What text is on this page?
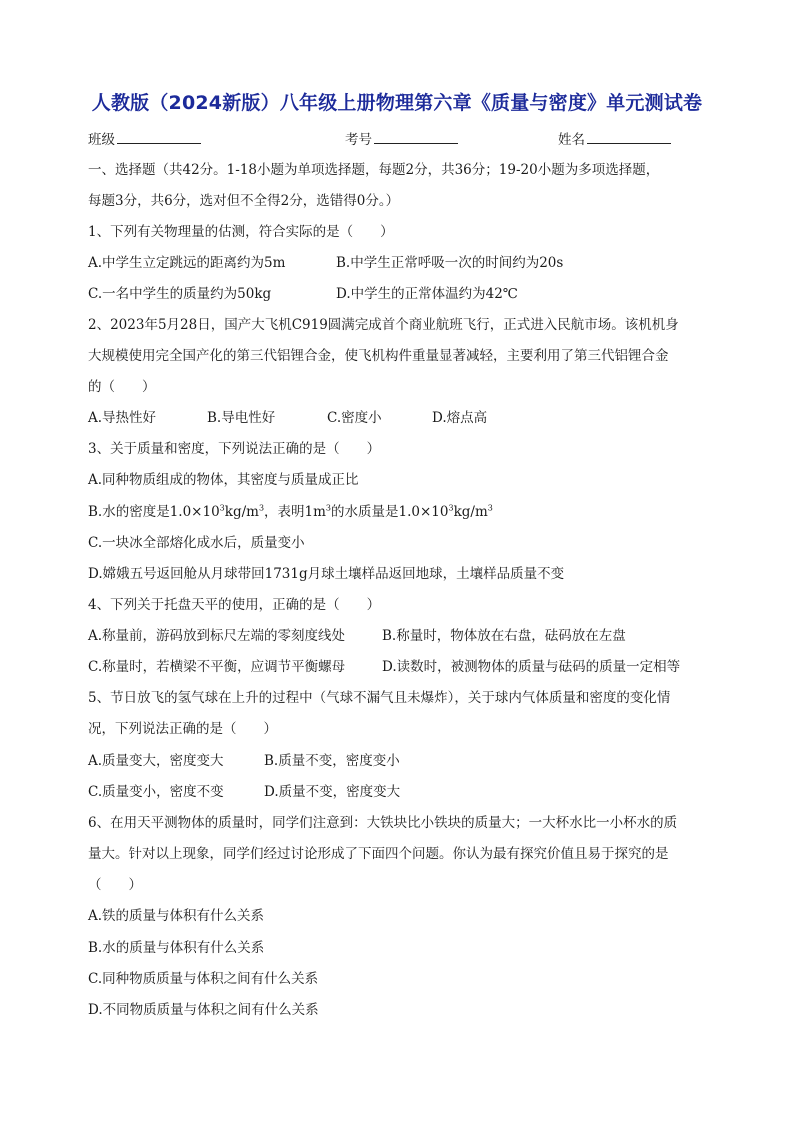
人教版（2024新版）八年级上册物理第六章《质量与密度》单元测试卷
班级	考号	姓名
一、选择题（共42分。1-18小题为单项选择题，每题2分，共36分；19-20小题为多项选择题，
每题3分，共6分，选对但不全得2分，选错得0分。）
1、下列有关物理量的估测，符合实际的是（　　）
A.中学生立定跳远的距离约为5m	B.中学生正常呼吸一次的时间约为20s
C.一名中学生的质量约为50kg	D.中学生的正常体温约为42℃
2、2023年5月28日，国产大飞机C919圆满完成首个商业航班飞行，正式进入民航市场。该机机身
大规模使用完全国产化的第三代铝锂合金，使飞机构件重量显著减轻，主要利用了第三代铝锂合金
的（　　）
A.导热性好	B.导电性好	C.密度小	D.熔点高
3、关于质量和密度，下列说法正确的是（　　）
A.同种物质组成的物体，其密度与质量成正比
B.水的密度是$1.0\times 10^3kg/m^3$，表明$1m^3$的水质量是$1.0\times 10^3kg/m^3$
C.一块冰全部熔化成水后，质量变小
D.嫦娥五号返回舱从月球带回1731g月球土壤样品返回地球，土壤样品质量不变
4、下列关于托盘天平的使用，正确的是（　　）
A.称量前，游码放到标尺左端的零刻度线处	B.称量时，物体放在右盘，砝码放在左盘
C.称量时，若横梁不平衡，应调节平衡螺母	D.读数时，被测物体的质量与砝码的质量一定相等
5、节日放飞的氢气球在上升的过程中（气球不漏气且未爆炸），关于球内气体质量和密度的变化情
况，下列说法正确的是（　　）
A.质量变大，密度变大	B.质量不变，密度变小
C.质量变小，密度不变	D.质量不变，密度变大
6、在用天平测物体的质量时，同学们注意到：大铁块比小铁块的质量大；一大杯水比一小杯水的质
量大。针对以上现象，同学们经过讨论形成了下面四个问题。你认为最有探究价值且易于探究的是
（　　）
A.铁的质量与体积有什么关系
B.水的质量与体积有什么关系
C.同种物质质量与体积之间有什么关系
D.不同物质质量与体积之间有什么关系
